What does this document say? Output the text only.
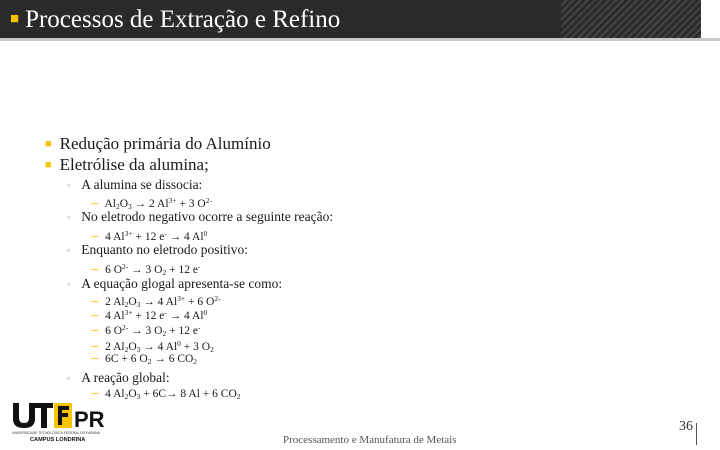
■ Processos de Extração e Refino
■ Redução primária do Alumínio
■ Eletrólise da alumina;
▫ A alumina se dissocia:
∽ $Al_2O_3 \to 2$ $Al^{3+} + 3$ $O^{2-}$
▫ No eletrodo negativo ocorre a seguinte reação:
∽ 4 $Al^{3+} + 12$ e- → 4 Al$^0$
▫ Enquanto no eletrodo positivo:
∽ 6 $O^{2-} \to 3$ $O_2 + 12$ e-
▫ A equação glogal apresenta-se como:
∽ 2 $Al_2O_3 \to 4$ $Al^{3+} + 6$ $O^{2-}$
∽ 4 $Al^{3+} + 12$ e- → 4 Al$^0$
∽ 6 $O^{2-} \to 3$ $O_2 + 12$ e-
∽ 2 $Al_2O_3 \to 4$ $Al^0 + 3$ $O_2$
∽ 6C + 6 $O_2 \to 6$ $CO_2$
▫ A reação global:
∽ 4 $Al_2O_3 + 6C\to 8$ Al + 6 $CO_2$
PR
UNIVERSIDADE TECNOLÓGICA FEDERAL DO PARANÁ
CAMPUS LONDRINA	Processamento e Manufatura de Metais
36
